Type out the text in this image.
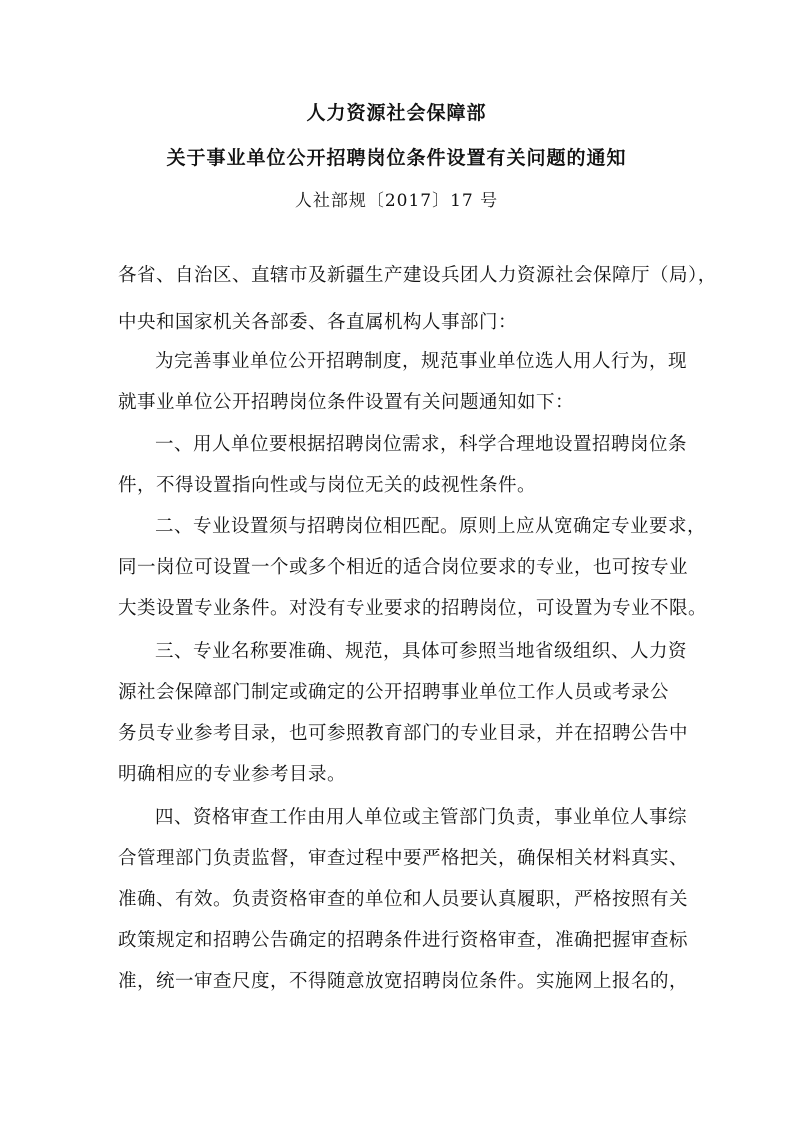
人力资源社会保障部
关于事业单位公开招聘岗位条件设置有关问题的通知
人社部规〔2017〕17 号
各省、自治区、直辖市及新疆生产建设兵团人力资源社会保障厅（局），
中央和国家机关各部委、各直属机构人事部门：
为完善事业单位公开招聘制度，规范事业单位选人用人行为，现
就事业单位公开招聘岗位条件设置有关问题通知如下：
一、用人单位要根据招聘岗位需求，科学合理地设置招聘岗位条
件，不得设置指向性或与岗位无关的歧视性条件。
二、专业设置须与招聘岗位相匹配。原则上应从宽确定专业要求，
同一岗位可设置一个或多个相近的适合岗位要求的专业，也可按专业
大类设置专业条件。对没有专业要求的招聘岗位，可设置为专业不限。
三、专业名称要准确、规范，具体可参照当地省级组织、人力资
源社会保障部门制定或确定的公开招聘事业单位工作人员或考录公
务员专业参考目录，也可参照教育部门的专业目录，并在招聘公告中
明确相应的专业参考目录。
四、资格审查工作由用人单位或主管部门负责，事业单位人事综
合管理部门负责监督，审查过程中要严格把关，确保相关材料真实、
准确、有效。负责资格审查的单位和人员要认真履职，严格按照有关
政策规定和招聘公告确定的招聘条件进行资格审查，准确把握审查标
准，统一审查尺度，不得随意放宽招聘岗位条件。实施网上报名的，
